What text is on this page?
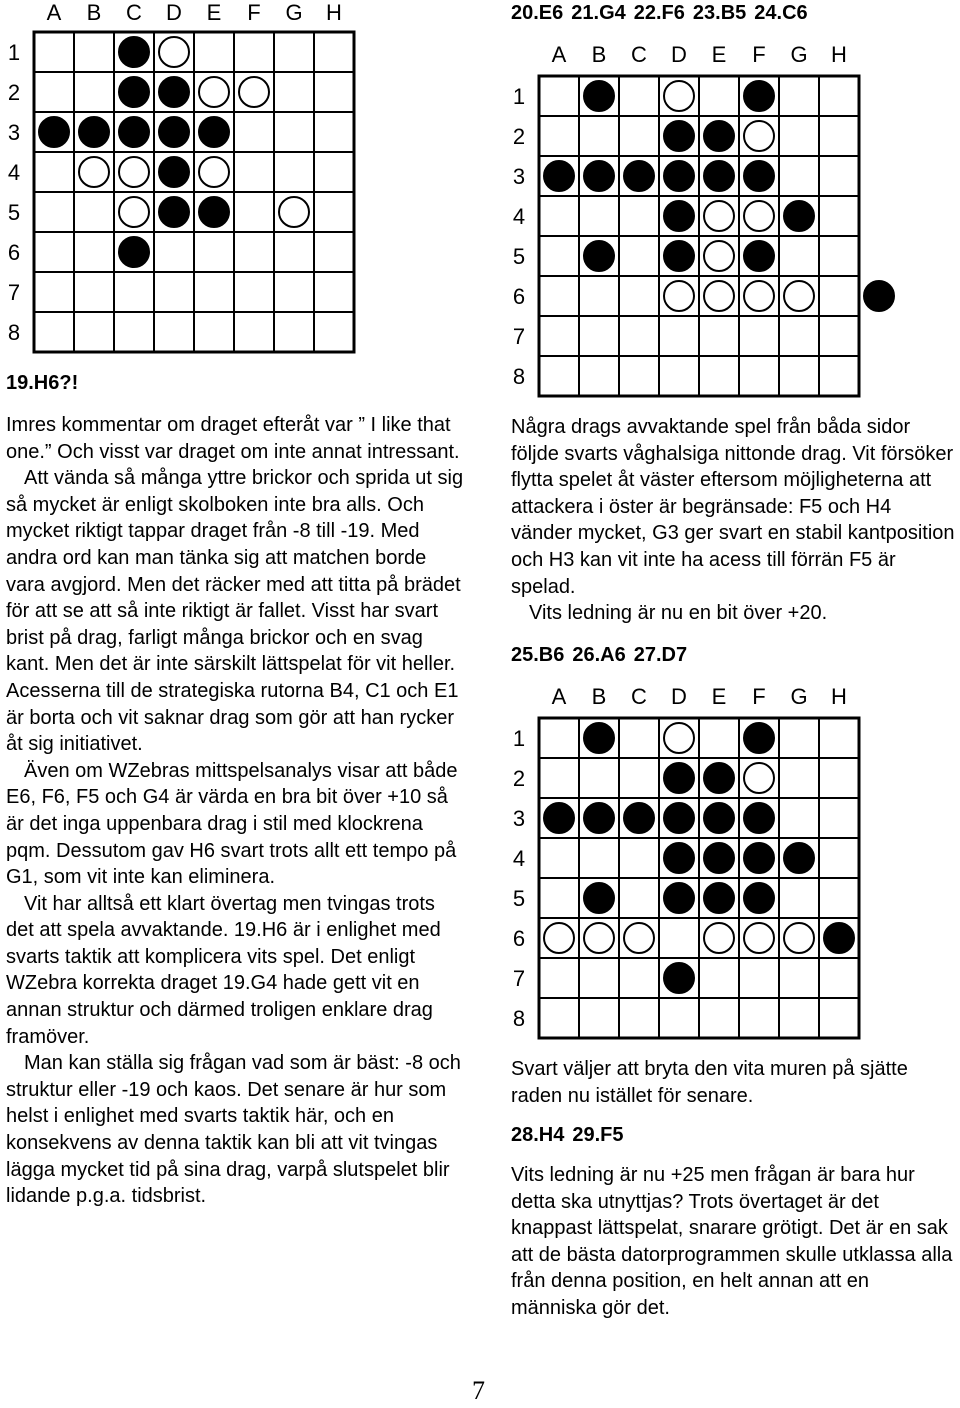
A B C D E F G H
1
2
3
4
5
6
7
8
19.H6?!

Imres kommentar om draget efteråt var ” I like that one.” Och visst var draget om inte annat intressant.

Att vända så många yttre brickor och sprida ut sig så mycket är enligt skolboken inte bra alls. Och mycket riktigt tappar draget från -8 till -19. Med andra ord kan man tänka sig att matchen borde vara avgjord. Men det räcker med att titta på brädet för att se att så inte riktigt är fallet. Visst har svart brist på drag, farligt många brickor och en svag kant. Men det är inte särskilt lättspelat för vit heller. Acesserna till de strategiska rutorna B4, C1 och E1 är borta och vit saknar drag som gör att han rycker åt sig initiativet.

Även om WZebras mittspelsanalys visar att både E6, F6, F5 och G4 är värda en bra bit över +10 så är det inga uppenbara drag i stil med klockrena pqm. Dessutom gav H6 svart trots allt ett tempo på G1, som vit inte kan eliminera.

Vit har alltså ett klart övertag men tvingas trots det att spela avvaktande. 19.H6 är i enlighet med svarts taktik att komplicera vits spel. Det enligt WZebra korrekta draget 19.G4 hade gett vit en annan struktur och därmed troligen enklare drag framöver.

Man kan ställa sig frågan vad som är bäst: -8 och struktur eller -19 och kaos. Det senare är hur som helst i enlighet med svarts taktik här, och en konsekvens av denna taktik kan bli att vit tvingas lägga mycket tid på sina drag, varpå slutspelet blir lidande p.g.a. tidsbrist.

20.E6 21.G4 22.F6 23.B5 24.C6
A B C D E F G H
1
2
3
4
5
6
7
8

Några drags avvaktande spel från båda sidor följde svarts våghalsiga nittonde drag. Vit försöker flytta spelet åt väster eftersom möjligheterna att attackera i öster är begränsade: F5 och H4 vänder mycket, G3 ger svart en stabil kantposition och H3 kan vit inte ha acess till förrän F5 är spelad.

Vits ledning är nu en bit över +20.

25.B6 26.A6 27.D7
A B C D E F G H
1
2
3
4
5
6
7
8

Svart väljer att bryta den vita muren på sjätte raden nu istället för senare.

28.H4 29.F5

Vits ledning är nu +25 men frågan är bara hur detta ska utnyttjas? Trots övertaget är det knappast lättspelat, snarare grötigt. Det är en sak att de bästa datorprogrammen skulle utklassa alla från denna position, en helt annan att en människa gör det.

7
